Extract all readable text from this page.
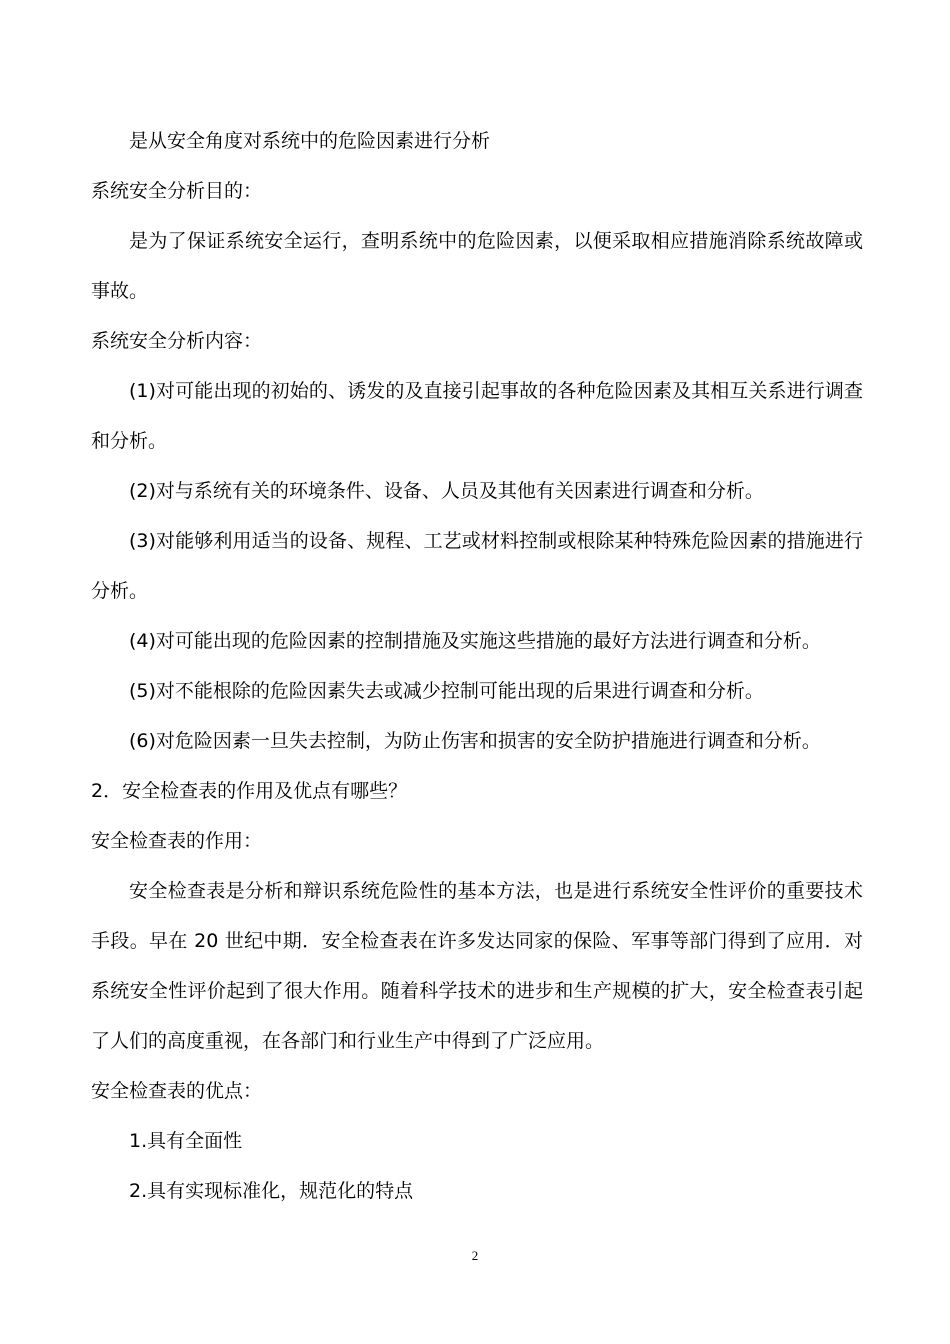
是从安全角度对系统中的危险因素进行分析
系统安全分析目的：
是为了保证系统安全运行，查明系统中的危险因素，以便采取相应措施消除系统故障或
事故。
系统安全分析内容：
(1)对可能出现的初始的、诱发的及直接引起事故的各种危险因素及其相互关系进行调查
和分析。
(2)对与系统有关的环境条件、设备、人员及其他有关因素进行调查和分析。
(3)对能够利用适当的设备、规程、工艺或材料控制或根除某种特殊危险因素的措施进行
分析。
(4)对可能出现的危险因素的控制措施及实施这些措施的最好方法进行调查和分析。
(5)对不能根除的危险因素失去或减少控制可能出现的后果进行调查和分析。
(6)对危险因素一旦失去控制，为防止伤害和损害的安全防护措施进行调查和分析。
2．安全检查表的作用及优点有哪些？
安全检查表的作用：
安全检查表是分析和辩识系统危险性的基本方法，也是进行系统安全性评价的重要技术
手段。早在 20 世纪中期．安全检查表在许多发达同家的保险、军事等部门得到了应用．对
系统安全性评价起到了很大作用。随着科学技术的进步和生产规模的扩大，安全检查表引起
了人们的高度重视，在各部门和行业生产中得到了广泛应用。
安全检查表的优点：
1.具有全面性
2.具有实现标准化，规范化的特点
2
